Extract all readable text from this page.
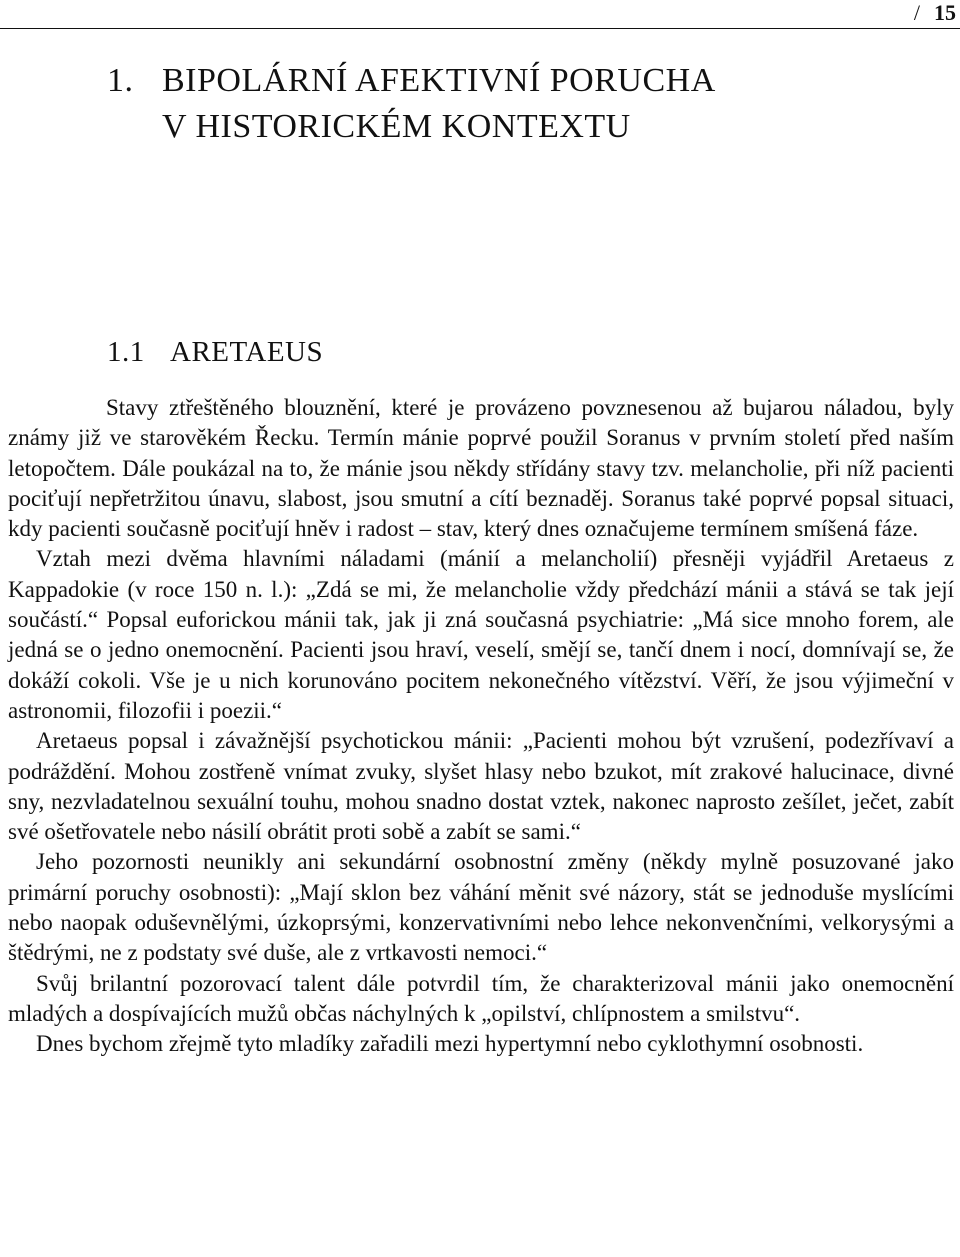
/ 15
1. BIPOLÁRNÍ AFEKTIVNÍ PORUCHA
V HISTORICKÉM KONTEXTU
1.1 ARETAEUS

Stavy ztřeštěného blouznění, které je provázeno povznesenou až bujarou náladou, byly známy již ve starověkém Řecku. Termín mánie poprvé použil Soranus v prvním století před naším letopočtem. Dále poukázal na to, že mánie jsou někdy střídány stavy tzv. melancholie, při níž pacienti pociťují nepřetržitou únavu, slabost, jsou smutní a cítí beznaděj. Soranus také poprvé popsal situaci, kdy pacienti současně pociťují hněv i radost – stav, který dnes označujeme termínem smíšená fáze.

Vztah mezi dvěma hlavními náladami (mánií a melancholií) přesněji vyjádřil Aretaeus z Kappadokie (v roce 150 n. l.): „Zdá se mi, že melancholie vždy předchází mánii a stává se tak její součástí.“ Popsal euforickou mánii tak, jak ji zná současná psychiatrie: „Má sice mnoho forem, ale jedná se o jedno onemocnění. Pacienti jsou hraví, veselí, smějí se, tančí dnem i nocí, domnívají se, že dokáží cokoli. Vše je u nich korunováno pocitem nekonečného vítězství. Věří, že jsou výjimeční v astronomii, filozofii i poezii.“

Aretaeus popsal i závažnější psychotickou mánii: „Pacienti mohou být vzrušení, podezřívaví a podráždění. Mohou zostřeně vnímat zvuky, slyšet hlasy nebo bzukot, mít zrakové halucinace, divné sny, nezvladatelnou sexuální touhu, mohou snadno dostat vztek, nakonec naprosto zešílet, ječet, zabít své ošetřovatele nebo násilí obrátit proti sobě a zabít se sami.“

Jeho pozornosti neunikly ani sekundární osobnostní změny (někdy mylně posuzované jako primární poruchy osobnosti): „Mají sklon bez váhání měnit své názory, stát se jednoduše myslícími nebo naopak oduševnělými, úzkoprsými, konzervativními nebo lehce nekonvenčními, velkorysými a štědrými, ne z podstaty své duše, ale z vrtkavosti nemoci.“

Svůj brilantní pozorovací talent dále potvrdil tím, že charakterizoval mánii jako onemocnění mladých a dospívajících mužů občas náchylných k „opilství, chlípnostem a smilstvu“.

Dnes bychom zřejmě tyto mladíky zařadili mezi hypertymní nebo cyklothymní osobnosti.
